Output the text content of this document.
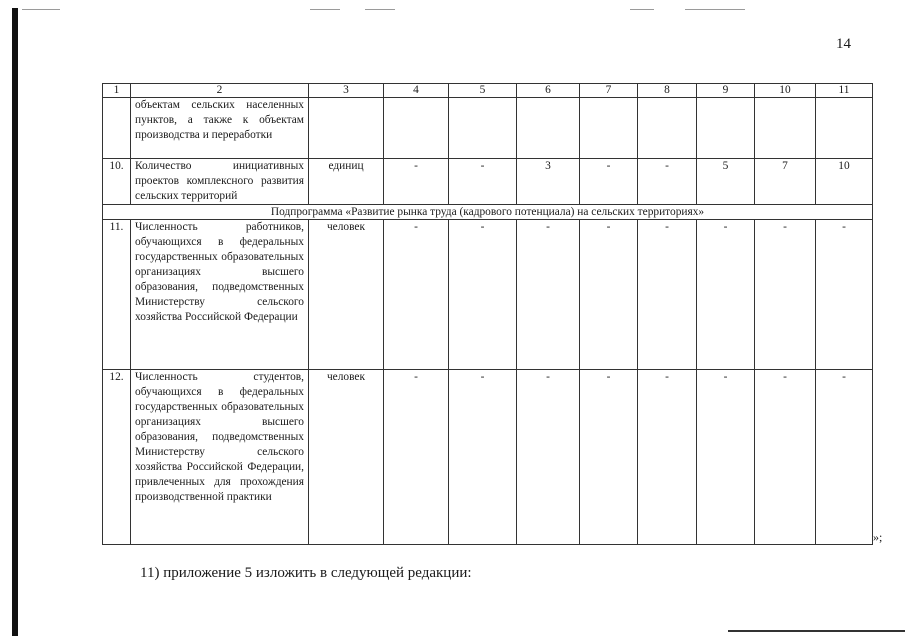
14
1	2	3	4	5	6	7	8	9	10	11
	объектам сельских населенных пунктов, а также к объектам производства и переработки									
10.	Количество инициативных проектов комплексного развития сельских территорий	единиц	-	-	3	-	-	5	7	10
Подпрограмма «Развитие рынка труда (кадрового потенциала) на сельских территориях»										
11.	Численность работников, обучающихся в федеральных государственных образовательных организациях высшего образования, подведомственных Министерству сельского хозяйства Российской Федерации	человек	-	-	-	-	-	-	-	-
12.	Численность студентов, обучающихся в федеральных государственных образовательных организациях высшего образования, подведомственных Министерству сельского хозяйства Российской Федерации, привлеченных для прохождения производственной практики	человек	-	-	-	-	-	-	-	-
»;
11) приложение 5 изложить в следующей редакции:
